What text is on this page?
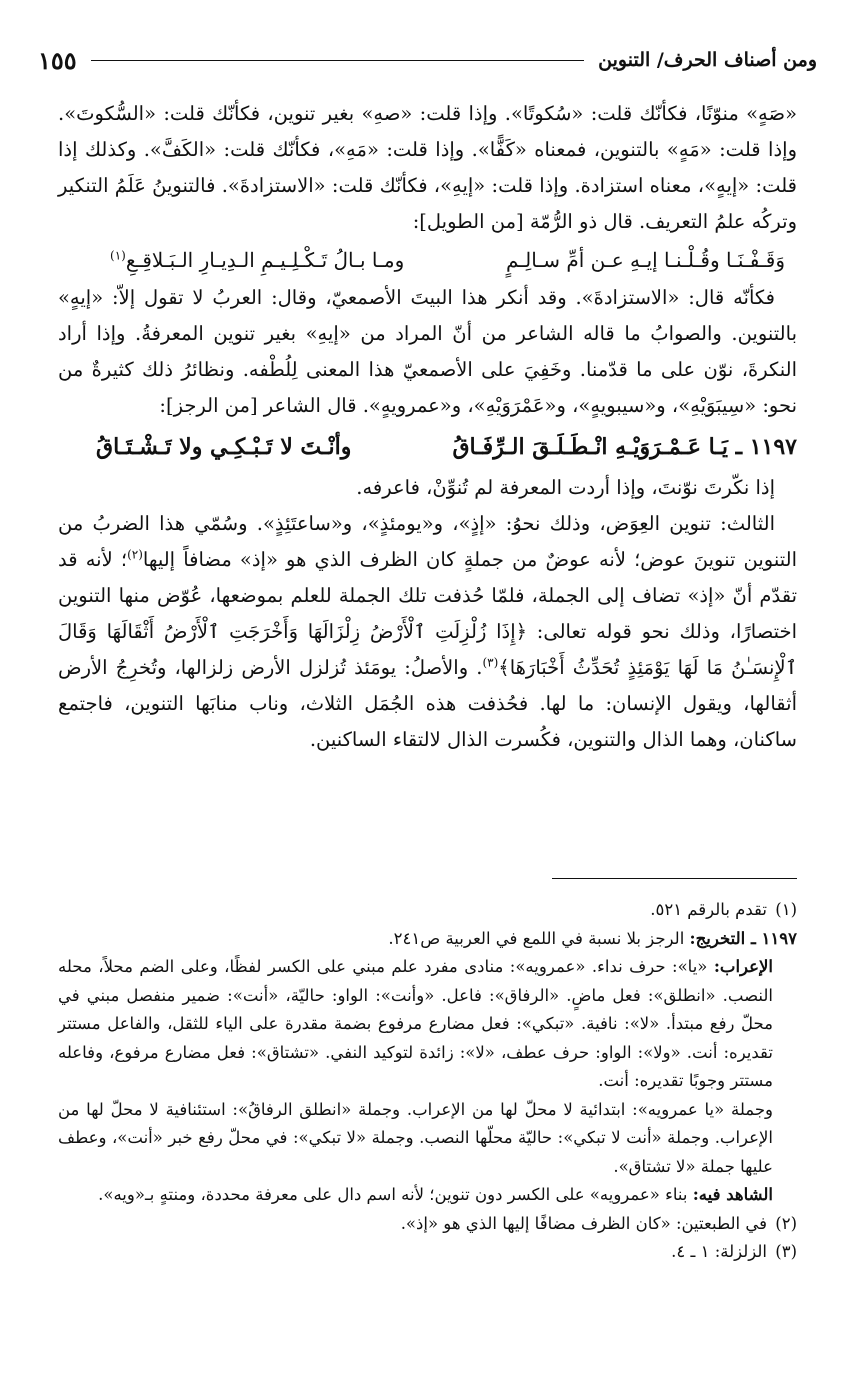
ومن أصناف الحرف/ التنوين
١٥٥

«صَهٍ» منوّنًا، فكأنّك قلت: «سُكوتًا». وإذا قلت: «صهِ» بغير تنوين، فكأنّك قلت: «السُّكوتَ». وإذا قلت: «مَهٍ» بالتنوين، فمعناه «كَفًّا». وإذا قلت: «مَهِ»، فكأنّك قلت: «الكَفَّ». وكذلك إذا قلت: «إيهٍ»، معناه استزادة. وإذا قلت: «إيهِ»، فكأنّك قلت: «الاستزادةَ». فالتنوينُ عَلَمُ التنكير وتركُه علمُ التعريف. قال ذو الرُّمّة [من الطويل]:

وَقَـفْـنَـا وقُـلْـنـا إيـهِ عـن أمِّ سـالِـمٍ
ومـا بـالُ تَـكْـلِـيـمِ الـدِيـارِ الـبَـلاقِـعِ$^{(١)}$

فكأنّه قال: «الاستزادةَ». وقد أنكر هذا البيتَ الأصمعيّ، وقال: العربُ لا تقول إلاّ: «إيهٍ» بالتنوين. والصوابُ ما قاله الشاعر من أنّ المراد من «إيهِ» بغير تنوين المعرفةُ. وإذا أراد النكرةَ، نوّن على ما قدّمنا. وخَفِيَ على الأصمعيّ هذا المعنى لِلُطْفه. ونظائرُ ذلك كثيرةٌ من نحو: «سِيبَوَيْهِ»، و«سيبويهٍ»، و«عَمْرَوَيْهِ»، و«عمرويهٍ». قال الشاعر [من الرجز]:

١١٩٧ ـ يَـا عَـمْـرَوَيْـهِ انْـطَـلَـقَ الـرِّفَـاقُ
وأنْـتَ لا تَـبْـكِـي ولا تَـشْـتَـاقُ

إذا نكّرتَ نوّنتَ، وإذا أردت المعرفة لم تُنوِّنْ، فاعرفه.

الثالث: تنوين العِوَض، وذلك نحوُ: «إذٍ»، و«يومئذٍ»، و«ساعتَئِذٍ». وسُمّي هذا الضربُ من التنوين تنوينَ عوض؛ لأنه عوضٌ من جملةٍ كان الظرف الذي هو «إذ» مضافاً إليها$^{(٢)}$؛ لأنه قد تقدّم أنّ «إذ» تضاف إلى الجملة، فلمّا حُذفت تلك الجملة للعلم بموضعها، عُوّض منها التنوين اختصارًا، وذلك نحو قوله تعالى: ﴿إِذَا زُلْزِلَتِ ٱلْأَرْضُ زِلْزَالَهَا وَأَخْرَجَتِ ٱلْأَرْضُ أَثْقَالَهَا وَقَالَ ٱلْإِنسَـٰنُ مَا لَهَا يَوْمَئِذٍ تُحَدِّثُ أَخْبَارَهَا﴾$^{(٣)}$. والأصلُ: يومَئذ تُزلزل الأرض زلزالها، وتُخرِجُ الأرض أثقالها، ويقول الإنسان: ما لها. فحُذفت هذه الجُمَل الثلاث، وناب منابَها التنوين، فاجتمع ساكنان، وهما الذال والتنوين، فكُسرت الذال لالتقاء الساكنين.

(١)تقدم بالرقم ٥٢١.

١١٩٧ ـ التخريج: الرجز بلا نسبة في اللمع في العربية ص٢٤١.

الإعراب: «يا»: حرف نداء. «عمرويه»: منادى مفرد علم مبني على الكسر لفظًا، وعلى الضم محلاً، محله النصب. «انطلق»: فعل ماضٍ. «الرفاق»: فاعل. «وأنت»: الواو: حاليّة، «أنت»: ضمير منفصل مبني في محلّ رفع مبتدأ. «لا»: نافية. «تبكي»: فعل مضارع مرفوع بضمة مقدرة على الياء للثقل، والفاعل مستتر تقديره: أنت. «ولا»: الواو: حرف عطف، «لا»: زائدة لتوكيد النفي. «تشتاق»: فعل مضارع مرفوع، وفاعله مستتر وجوبًا تقديره: أنت.

وجملة «يا عمرويه»: ابتدائية لا محلّ لها من الإعراب. وجملة «انطلق الرفاقُ»: استئنافية لا محلّ لها من الإعراب. وجملة «أنت لا تبكي»: حاليّة محلّها النصب. وجملة «لا تبكي»: في محلّ رفع خبر «أنت»، وعطف عليها جملة «لا تشتاق».

الشاهد فيه: بناء «عمرويه» على الكسر دون تنوين؛ لأنه اسم دال على معرفة محددة، ومنتهٍ بـ«ويه».

(٢)في الطبعتين: «كان الظرف مضافًا إليها الذي هو «إذ».

(٣)الزلزلة: ١ ـ ٤.
